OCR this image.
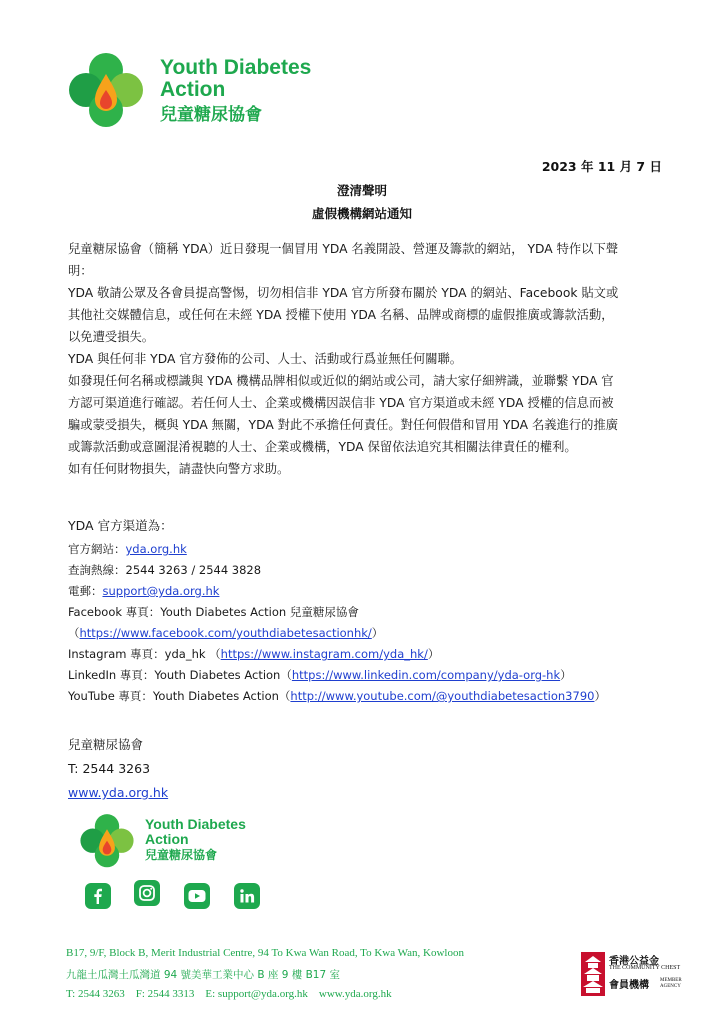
Youth Diabetes
Action
兒童糖尿協會
2023 年 11 月 7 日
澄清聲明
虛假機構網站通知
兒童糖尿協會（簡稱 YDA）近日發現一個冒用 YDA 名義開設、營運及籌款的網站， YDA 特作以下聲
明：
YDA 敬請公眾及各會員提高警惕，切勿相信非 YDA 官方所發布關於 YDA 的網站、Facebook 貼文或
其他社交媒體信息，或任何在未經 YDA 授權下使用 YDA 名稱、品牌或商標的虛假推廣或籌款活動，
以免遭受損失。
YDA 與任何非 YDA 官方發佈的公司、人士、活動或行爲並無任何關聯。
如發現任何名稱或標識與 YDA 機構品牌相似或近似的網站或公司，請大家仔細辨識，並聯繫 YDA 官
方認可渠道進行確認。若任何人士、企業或機構因誤信非 YDA 官方渠道或未經 YDA 授權的信息而被
騙或蒙受損失，概與 YDA 無關，YDA 對此不承擔任何責任。對任何假借和冒用 YDA 名義進行的推廣
或籌款活動或意圖混淆視聽的人士、企業或機構，YDA 保留依法追究其相關法律責任的權利。
如有任何財物損失，請盡快向警方求助。
YDA 官方渠道為：
官方網站：yda.org.hk
查詢熱線：2544 3263 / 2544 3828
電郵：support@yda.org.hk
Facebook 專頁：Youth Diabetes Action 兒童糖尿協會
（https://www.facebook.com/youthdiabetesactionhk/）
Instagram 專頁：yda_hk （https://www.instagram.com/yda_hk/）
LinkedIn 專頁：Youth Diabetes Action（https://www.linkedin.com/company/yda-org-hk）
YouTube 專頁：Youth Diabetes Action（http://www.youtube.com/@youthdiabetesaction3790）
兒童糖尿協會
T: 2544 3263
www.yda.org.hk
Youth Diabetes
Action
兒童糖尿協會
B17, 9/F, Block B, Merit Industrial Centre, 94 To Kwa Wan Road, To Kwa Wan, Kowloon
九龍土瓜灣土瓜灣道 94 號美華工業中心 B 座 9 樓 B17 室
T: 2544 3263    F: 2544 3313    E: support@yda.org.hk    www.yda.org.hk
香港公益金
THE COMMUNITY CHEST
會員機構 MEMBER AGENCY
